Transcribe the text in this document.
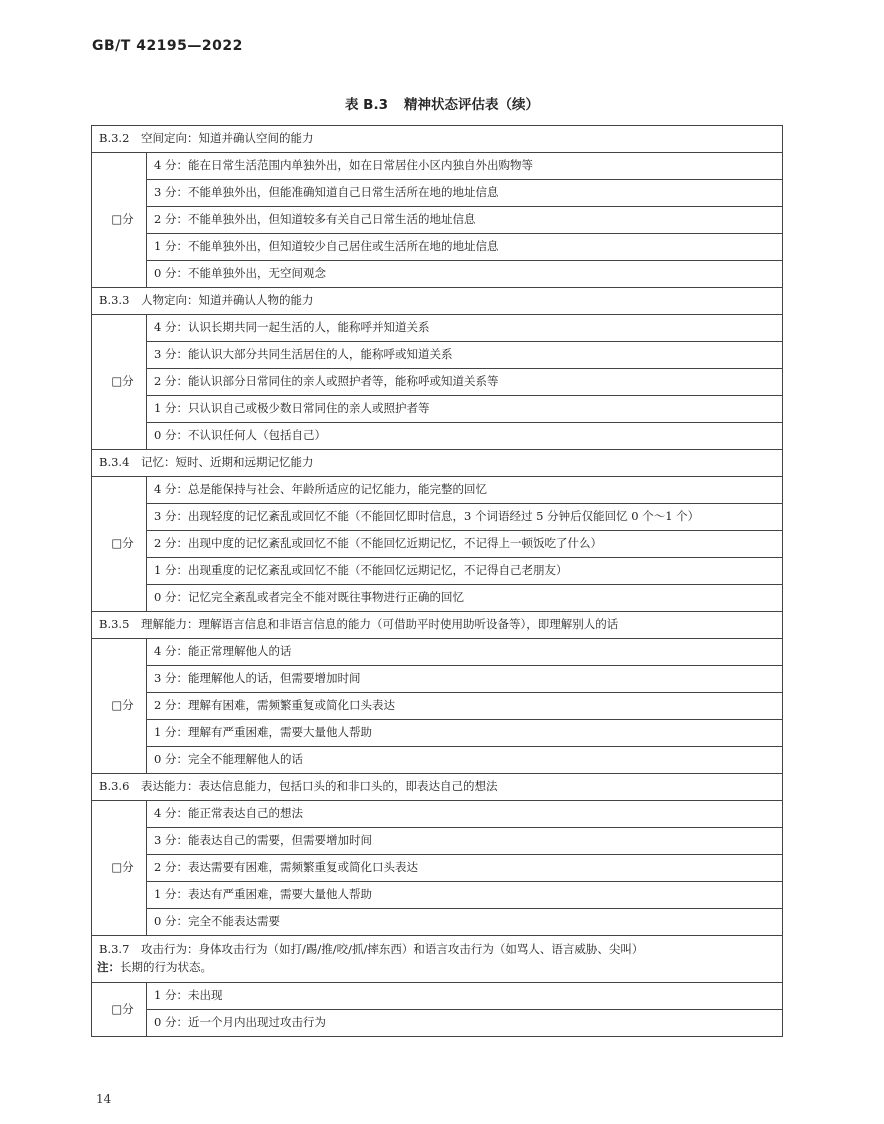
GB/T 42195—2022
表 B.3 精神状态评估表（续）
B.3.2 空间定向：知道并确认空间的能力	
□分	4 分：能在日常生活范围内单独外出，如在日常居住小区内独自外出购物等
	3 分：不能单独外出，但能准确知道自己日常生活所在地的地址信息
	2 分：不能单独外出，但知道较多有关自己日常生活的地址信息
	1 分：不能单独外出，但知道较少自己居住或生活所在地的地址信息
	0 分：不能单独外出，无空间观念
B.3.3 人物定向：知道并确认人物的能力	
□分	4 分：认识长期共同一起生活的人，能称呼并知道关系
	3 分：能认识大部分共同生活居住的人，能称呼或知道关系
	2 分：能认识部分日常同住的亲人或照护者等，能称呼或知道关系等
	1 分：只认识自己或极少数日常同住的亲人或照护者等
	0 分：不认识任何人（包括自己）
B.3.4 记忆：短时、近期和远期记忆能力	
□分	4 分：总是能保持与社会、年龄所适应的记忆能力，能完整的回忆
	3 分：出现轻度的记忆紊乱或回忆不能（不能回忆即时信息，3 个词语经过 5 分钟后仅能回忆 0 个～1 个）
	2 分：出现中度的记忆紊乱或回忆不能（不能回忆近期记忆，不记得上一顿饭吃了什么）
	1 分：出现重度的记忆紊乱或回忆不能（不能回忆远期记忆，不记得自己老朋友）
	0 分：记忆完全紊乱或者完全不能对既往事物进行正确的回忆
B.3.5 理解能力：理解语言信息和非语言信息的能力（可借助平时使用助听设备等），即理解别人的话	
□分	4 分：能正常理解他人的话
	3 分：能理解他人的话，但需要增加时间
	2 分：理解有困难，需频繁重复或简化口头表达
	1 分：理解有严重困难，需要大量他人帮助
	0 分：完全不能理解他人的话
B.3.6 表达能力：表达信息能力，包括口头的和非口头的，即表达自己的想法	
□分	4 分：能正常表达自己的想法
	3 分：能表达自己的需要，但需要增加时间
	2 分：表达需要有困难，需频繁重复或简化口头表达
	1 分：表达有严重困难，需要大量他人帮助
	0 分：完全不能表达需要
B.3.7 攻击行为：身体攻击行为（如打/踢/推/咬/抓/摔东西）和语言攻击行为（如骂人、语言威胁、尖叫）
注：长期的行为状态。	

□分	1 分：未出现
	0 分：近一个月内出现过攻击行为
14
